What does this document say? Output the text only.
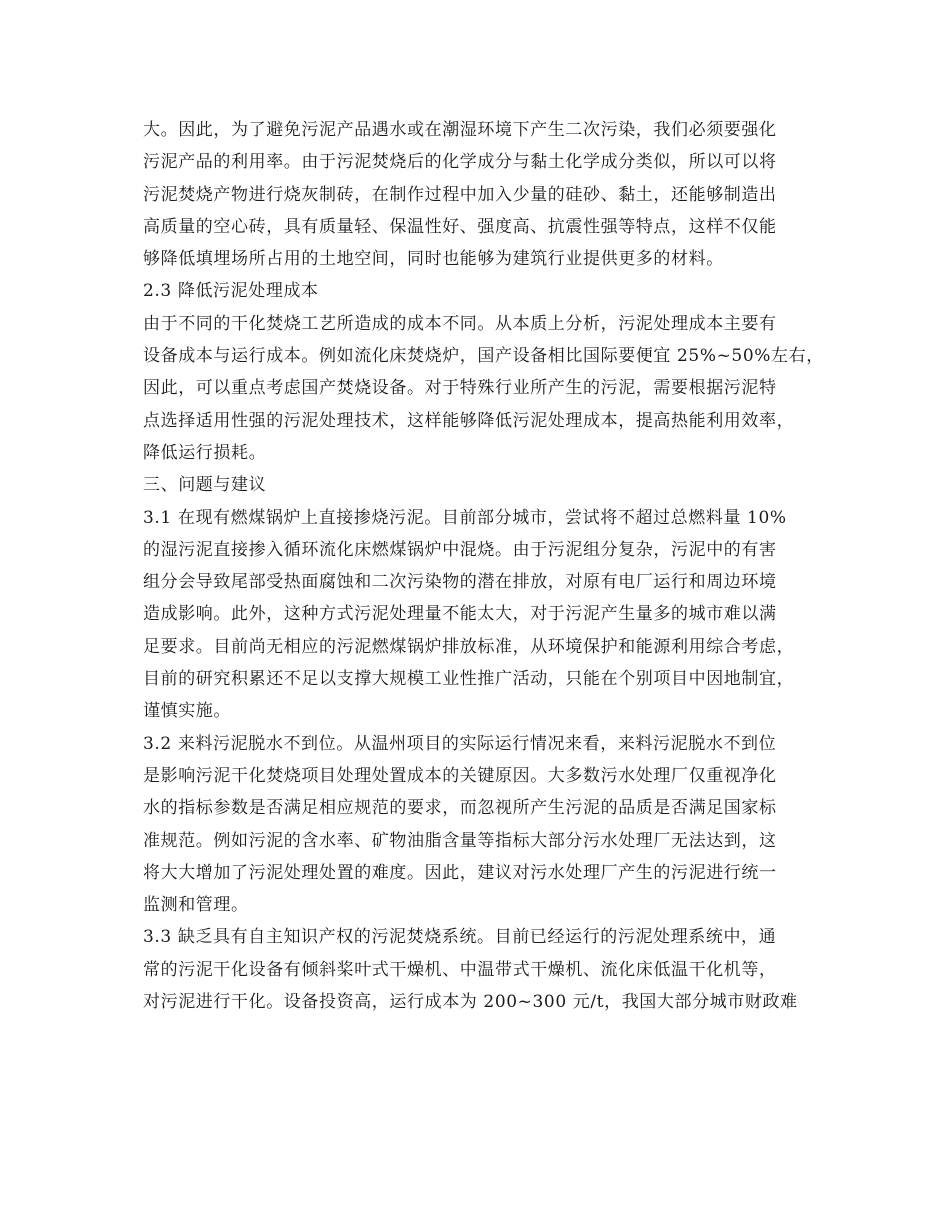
大。因此，为了避免污泥产品遇水或在潮湿环境下产生二次污染，我们必须要强化
污泥产品的利用率。由于污泥焚烧后的化学成分与黏土化学成分类似，所以可以将
污泥焚烧产物进行烧灰制砖，在制作过程中加入少量的硅砂、黏土，还能够制造出
高质量的空心砖，具有质量轻、保温性好、强度高、抗震性强等特点，这样不仅能
够降低填埋场所占用的土地空间，同时也能够为建筑行业提供更多的材料。
2.3 降低污泥处理成本
由于不同的干化焚烧工艺所造成的成本不同。从本质上分析，污泥处理成本主要有
设备成本与运行成本。例如流化床焚烧炉，国产设备相比国际要便宜 25%~50%左右，
因此，可以重点考虑国产焚烧设备。对于特殊行业所产生的污泥，需要根据污泥特
点选择适用性强的污泥处理技术，这样能够降低污泥处理成本，提高热能利用效率，
降低运行损耗。
三、问题与建议
3.1 在现有燃煤锅炉上直接掺烧污泥。目前部分城市，尝试将不超过总燃料量 10%
的湿污泥直接掺入循环流化床燃煤锅炉中混烧。由于污泥组分复杂，污泥中的有害
组分会导致尾部受热面腐蚀和二次污染物的潜在排放，对原有电厂运行和周边环境
造成影响。此外，这种方式污泥处理量不能太大，对于污泥产生量多的城市难以满
足要求。目前尚无相应的污泥燃煤锅炉排放标准，从环境保护和能源利用综合考虑，
目前的研究积累还不足以支撑大规模工业性推广活动，只能在个别项目中因地制宜，
谨慎实施。
3.2 来料污泥脱水不到位。从温州项目的实际运行情况来看，来料污泥脱水不到位
是影响污泥干化焚烧项目处理处置成本的关键原因。大多数污水处理厂仅重视净化
水的指标参数是否满足相应规范的要求，而忽视所产生污泥的品质是否满足国家标
准规范。例如污泥的含水率、矿物油脂含量等指标大部分污水处理厂无法达到，这
将大大增加了污泥处理处置的难度。因此，建议对污水处理厂产生的污泥进行统一
监测和管理。
3.3 缺乏具有自主知识产权的污泥焚烧系统。目前已经运行的污泥处理系统中，通
常的污泥干化设备有倾斜桨叶式干燥机、中温带式干燥机、流化床低温干化机等，
对污泥进行干化。设备投资高，运行成本为 200~300 元/t，我国大部分城市财政难
